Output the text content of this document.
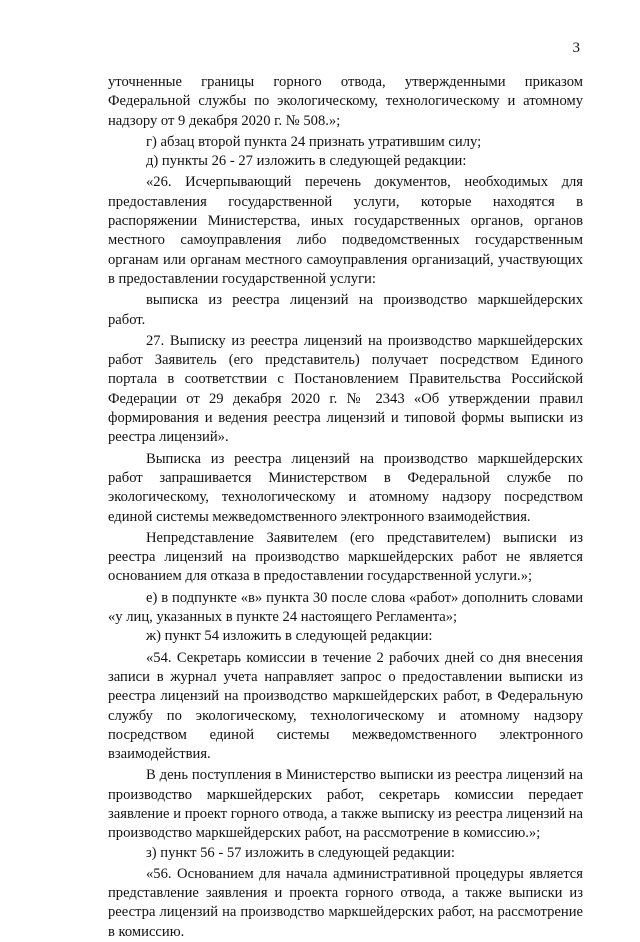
3

уточненные границы горного отвода, утвержденными приказом Федеральной службы по экологическому, технологическому и атомному надзору от 9 декабря 2020 г. № 508.»;

г) абзац второй пункта 24 признать утратившим силу;

д) пункты 26 - 27 изложить в следующей редакции:

«26. Исчерпывающий перечень документов, необходимых для предоставления государственной услуги, которые находятся в распоряжении Министерства, иных государственных органов, органов местного самоуправления либо подведомственных государственным органам или органам местного самоуправления организаций, участвующих в предоставлении государственной услуги:

выписка из реестра лицензий на производство маркшейдерских работ.

27. Выписку из реестра лицензий на производство маркшейдерских работ Заявитель (его представитель) получает посредством Единого портала в соответствии с Постановлением Правительства Российской Федерации от 29 декабря 2020 г. № 2343 «Об утверждении правил формирования и ведения реестра лицензий и типовой формы выписки из реестра лицензий».

Выписка из реестра лицензий на производство маркшейдерских работ запрашивается Министерством в Федеральной службе по экологическому, технологическому и атомному надзору посредством единой системы межведомственного электронного взаимодействия.

Непредставление Заявителем (его представителем) выписки из реестра лицензий на производство маркшейдерских работ не является основанием для отказа в предоставлении государственной услуги.»;

е) в подпункте «в» пункта 30 после слова «работ» дополнить словами «у лиц, указанных в пункте 24 настоящего Регламента»;

ж) пункт 54 изложить в следующей редакции:

«54. Секретарь комиссии в течение 2 рабочих дней со дня внесения записи в журнал учета направляет запрос о предоставлении выписки из реестра лицензий на производство маркшейдерских работ, в Федеральную службу по экологическому, технологическому и атомному надзору посредством единой системы межведомственного электронного взаимодействия.

В день поступления в Министерство выписки из реестра лицензий на производство маркшейдерских работ, секретарь комиссии передает заявление и проект горного отвода, а также выписку из реестра лицензий на производство маркшейдерских работ, на рассмотрение в комиссию.»;

з) пункт 56 - 57 изложить в следующей редакции:

«56. Основанием для начала административной процедуры является представление заявления и проекта горного отвода, а также выписки из реестра лицензий на производство маркшейдерских работ, на рассмотрение в комиссию.
